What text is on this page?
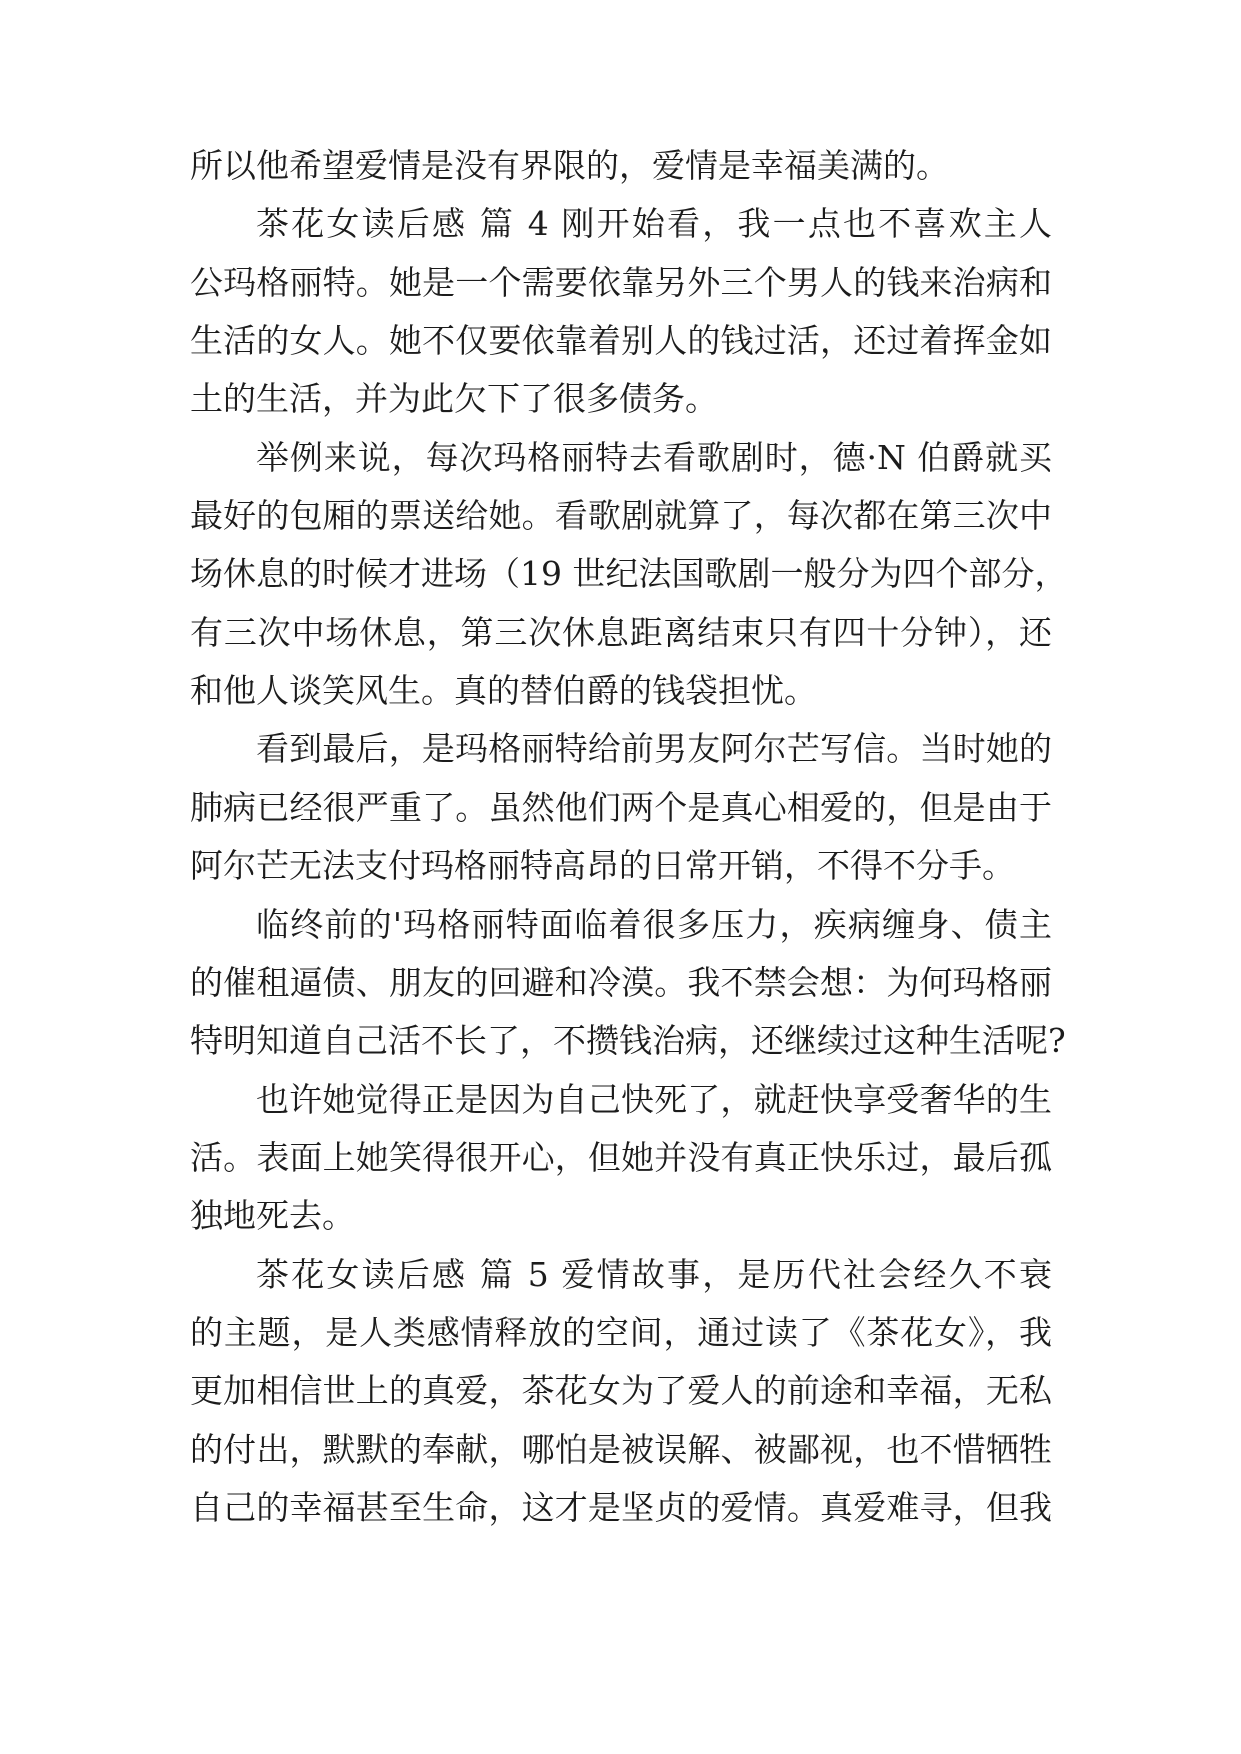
所以他希望爱情是没有界限的，爱情是幸福美满的。
茶花女读后感 篇 4 刚开始看，我一点也不喜欢主人
公玛格丽特。她是一个需要依靠另外三个男人的钱来治病和
生活的女人。她不仅要依靠着别人的钱过活，还过着挥金如
土的生活，并为此欠下了很多债务。
举例来说，每次玛格丽特去看歌剧时，德·N 伯爵就买
最好的包厢的票送给她。看歌剧就算了，每次都在第三次中
场休息的时候才进场（19 世纪法国歌剧一般分为四个部分，
有三次中场休息，第三次休息距离结束只有四十分钟），还
和他人谈笑风生。真的替伯爵的钱袋担忧。
看到最后，是玛格丽特给前男友阿尔芒写信。当时她的
肺病已经很严重了。虽然他们两个是真心相爱的，但是由于
阿尔芒无法支付玛格丽特高昂的日常开销，不得不分手。
临终前的'玛格丽特面临着很多压力，疾病缠身、债主
的催租逼债、朋友的回避和冷漠。我不禁会想：为何玛格丽
特明知道自己活不长了，不攒钱治病，还继续过这种生活呢?
也许她觉得正是因为自己快死了，就赶快享受奢华的生
活。表面上她笑得很开心，但她并没有真正快乐过，最后孤
独地死去。
茶花女读后感 篇 5 爱情故事，是历代社会经久不衰
的主题，是人类感情释放的空间，通过读了《茶花女》，我
更加相信世上的真爱，茶花女为了爱人的前途和幸福，无私
的付出，默默的奉献，哪怕是被误解、被鄙视，也不惜牺牲
自己的幸福甚至生命，这才是坚贞的爱情。真爱难寻，但我
